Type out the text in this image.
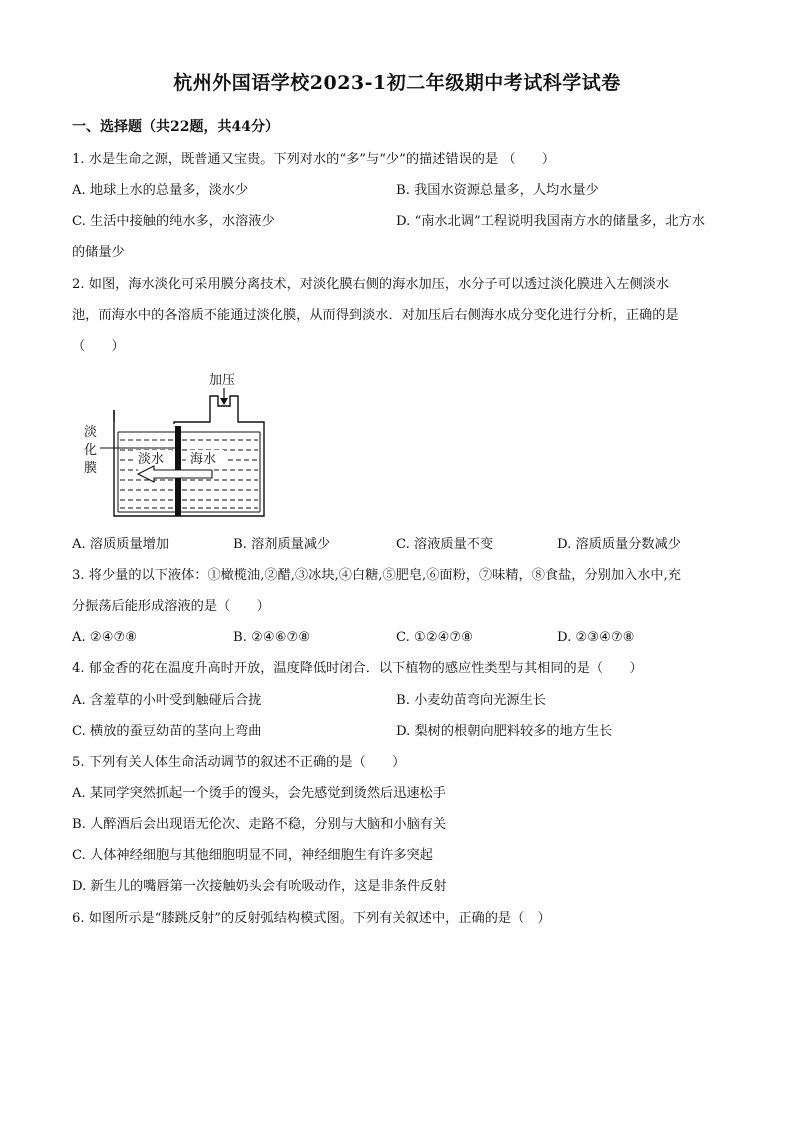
杭州外国语学校2023-1初二年级期中考试科学试卷
一、选择题（共22题，共44分）
1. 水是生命之源，既普通又宝贵。下列对水的“多”与“少”的描述错误的是 （　　）
A. 地球上水的总量多，淡水少	B. 我国水资源总量多，人均水量少
C. 生活中接触的纯水多，水溶液少	D. “南水北调”工程说明我国南方水的储量多，北方水
的储量少
2. 如图，海水淡化可采用膜分离技术，对淡化膜右侧的海水加压，水分子可以透过淡化膜进入左侧淡水
池，而海水中的各溶质不能通过淡化膜，从而得到淡水．对加压后右侧海水成分变化进行分析，正确的是
（　　）
加压
淡
化
膜
淡水 海水
A. 溶质质量增加	B. 溶剂质量减少	C. 溶液质量不变	D. 溶质质量分数减少
3. 将少量的以下液体：①橄榄油,②醋,③冰块,④白糖,⑤肥皂,⑥面粉，⑦味精，⑧食盐，分别加入水中,充
分振荡后能形成溶液的是（　　）
A. ②④⑦⑧	B. ②④⑥⑦⑧	C. ①②④⑦⑧	D. ②③④⑦⑧
4. 郁金香的花在温度升高时开放，温度降低时闭合．以下植物的感应性类型与其相同的是（　　）
A. 含羞草的小叶受到触碰后合拢	B. 小麦幼苗弯向光源生长
C. 横放的蚕豆幼苗的茎向上弯曲	D. 梨树的根朝向肥料较多的地方生长
5. 下列有关人体生命活动调节的叙述不正确的是（　　）
A. 某同学突然抓起一个烫手的馒头，会先感觉到烫然后迅速松手
B. 人醉酒后会出现语无伦次、走路不稳，分别与大脑和小脑有关
C. 人体神经细胞与其他细胞明显不同，神经细胞生有许多突起
D. 新生儿的嘴唇第一次接触奶头会有吮吸动作，这是非条件反射
6. 如图所示是“膝跳反射”的反射弧结构模式图。下列有关叙述中，正确的是（　）
